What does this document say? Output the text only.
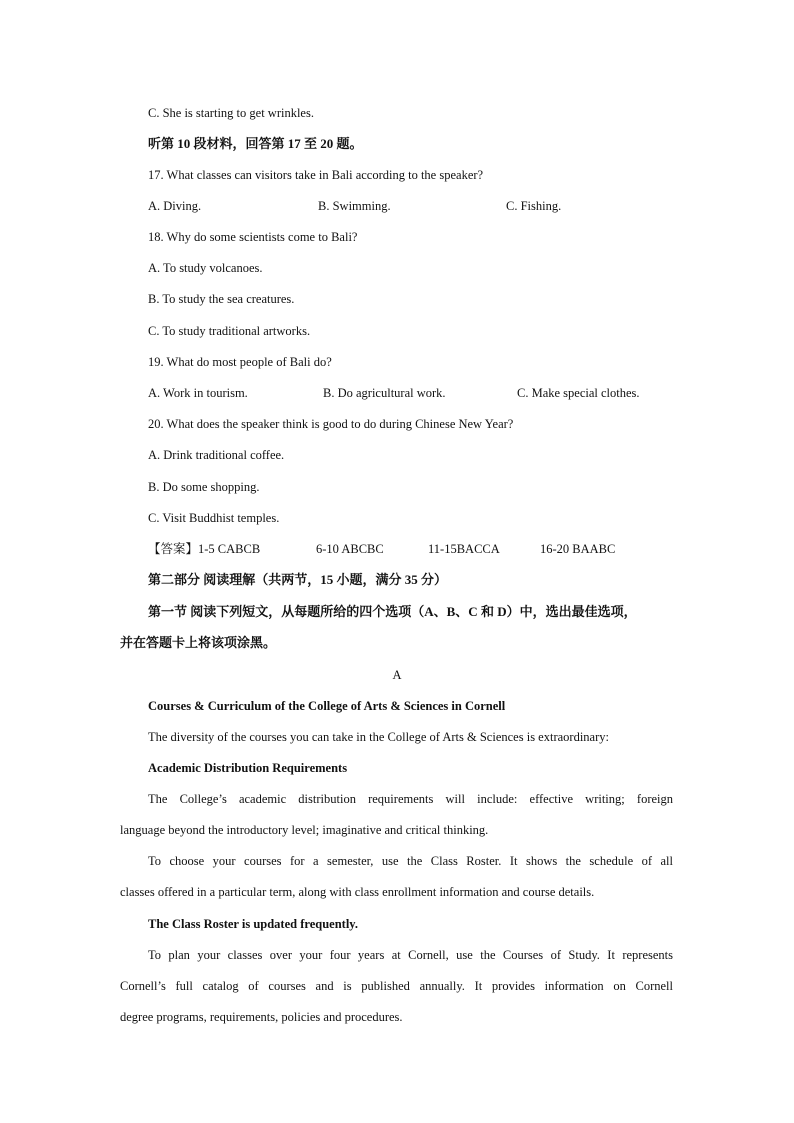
C. She is starting to get wrinkles.
听第 10 段材料，回答第 17 至 20 题。
17. What classes can visitors take in Bali according to the speaker?
A. Diving.	B. Swimming.	C. Fishing.
18. Why do some scientists come to Bali?
A. To study volcanoes.
B. To study the sea creatures.
C. To study traditional artworks.
19. What do most people of Bali do?
A. Work in tourism.	B. Do agricultural work.	C. Make special clothes.
20. What does the speaker think is good to do during Chinese New Year?
A. Drink traditional coffee.
B. Do some shopping.
C. Visit Buddhist temples.
【答案】1-5 CABCB	6-10 ABCBC	11-15BACCA	16-20 BAABC
第二部分 阅读理解（共两节，15 小题，满分 35 分）
第一节 阅读下列短文，从每题所给的四个选项（A、B、C 和 D）中，选出最佳选项，
并在答题卡上将该项涂黑。
A
Courses & Curriculum of the College of Arts & Sciences in Cornell
The diversity of the courses you can take in the College of Arts & Sciences is extraordinary:
Academic Distribution Requirements
The College’s academic distribution requirements will include: effective writing; foreign
language beyond the introductory level; imaginative and critical thinking.
To choose your courses for a semester, use the Class Roster. It shows the schedule of all
classes offered in a particular term, along with class enrollment information and course details.
The Class Roster is updated frequently.
To plan your classes over your four years at Cornell, use the Courses of Study. It represents
Cornell’s full catalog of courses and is published annually. It provides information on Cornell
degree programs, requirements, policies and procedures.
